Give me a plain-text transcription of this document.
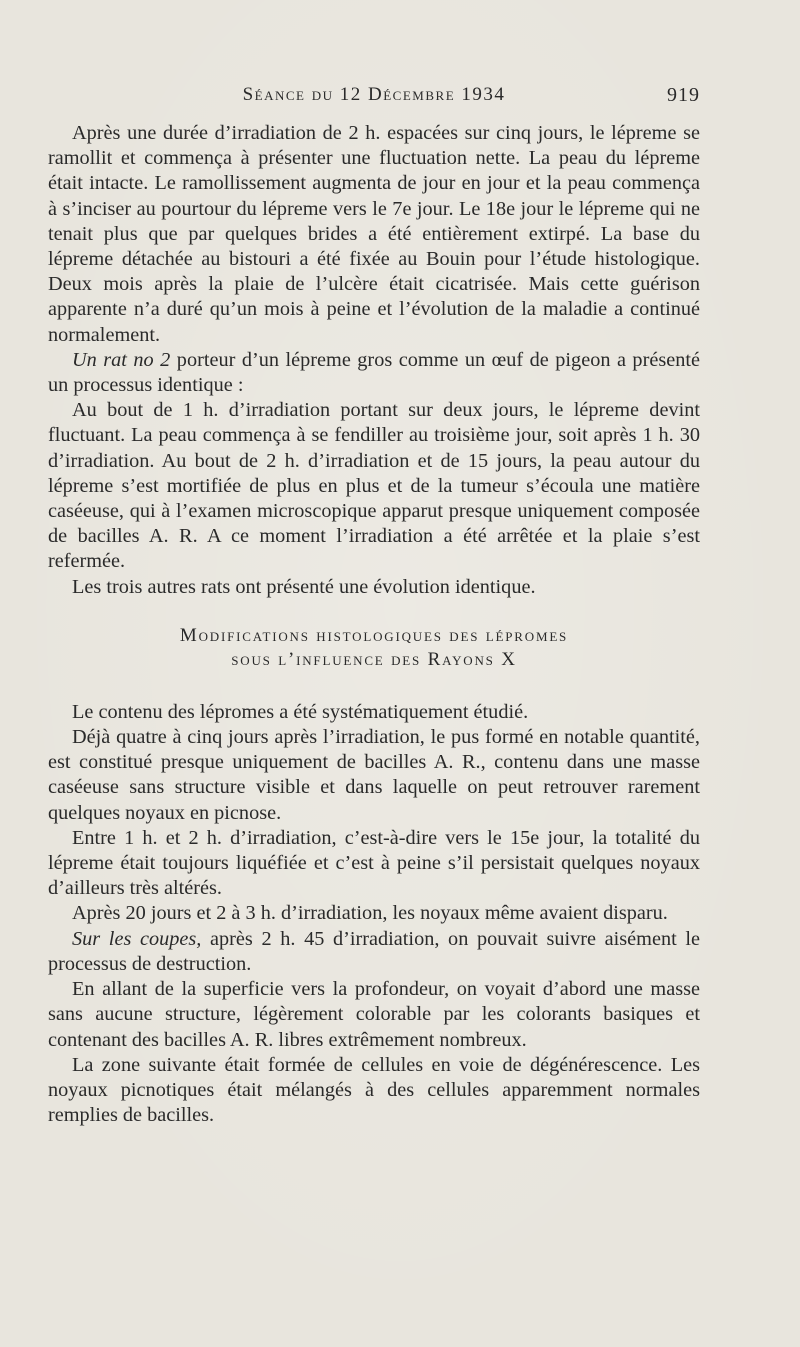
Séance du 12 Décembre 1934	919

Après une durée d’irradiation de 2 h. espacées sur cinq jours, le lépreme se ramollit et commença à présenter une fluctuation nette. La peau du lépreme était intacte. Le ramollissement augmenta de jour en jour et la peau commença à s’inciser au pourtour du lépreme vers le 7e jour. Le 18e jour le lépreme qui ne tenait plus que par quelques brides a été entièrement extirpé. La base du lépreme détachée au bistouri a été fixée au Bouin pour l’étude histologique. Deux mois après la plaie de l’ulcère était cicatrisée. Mais cette guérison apparente n’a duré qu’un mois à peine et l’évolution de la maladie a continué normalement.

Un rat no 2 porteur d’un lépreme gros comme un œuf de pigeon a présenté un processus identique :

Au bout de 1 h. d’irradiation portant sur deux jours, le lépreme devint fluctuant. La peau commença à se fendiller au troisième jour, soit après 1 h. 30 d’irradiation. Au bout de 2 h. d’irradiation et de 15 jours, la peau autour du lépreme s’est mortifiée de plus en plus et de la tumeur s’écoula une matière caséeuse, qui à l’examen microscopique apparut presque uniquement composée de bacilles A. R. A ce moment l’irradiation a été arrêtée et la plaie s’est refermée.

Les trois autres rats ont présenté une évolution identique.

Modifications histologiques des lépromes
sous l’influence des Rayons X

Le contenu des lépromes a été systématiquement étudié.

Déjà quatre à cinq jours après l’irradiation, le pus formé en notable quantité, est constitué presque uniquement de bacilles A. R., contenu dans une masse caséeuse sans structure visible et dans laquelle on peut retrouver rarement quelques noyaux en picnose.

Entre 1 h. et 2 h. d’irradiation, c’est-à-dire vers le 15e jour, la totalité du lépreme était toujours liquéfiée et c’est à peine s’il persistait quelques noyaux d’ailleurs très altérés.

Après 20 jours et 2 à 3 h. d’irradiation, les noyaux même avaient disparu.

Sur les coupes, après 2 h. 45 d’irradiation, on pouvait suivre aisément le processus de destruction.

En allant de la superficie vers la profondeur, on voyait d’abord une masse sans aucune structure, légèrement colorable par les colorants basiques et contenant des bacilles A. R. libres extrêmement nombreux.

La zone suivante était formée de cellules en voie de dégénérescence. Les noyaux picnotiques était mélangés à des cellules apparemment normales remplies de bacilles.
